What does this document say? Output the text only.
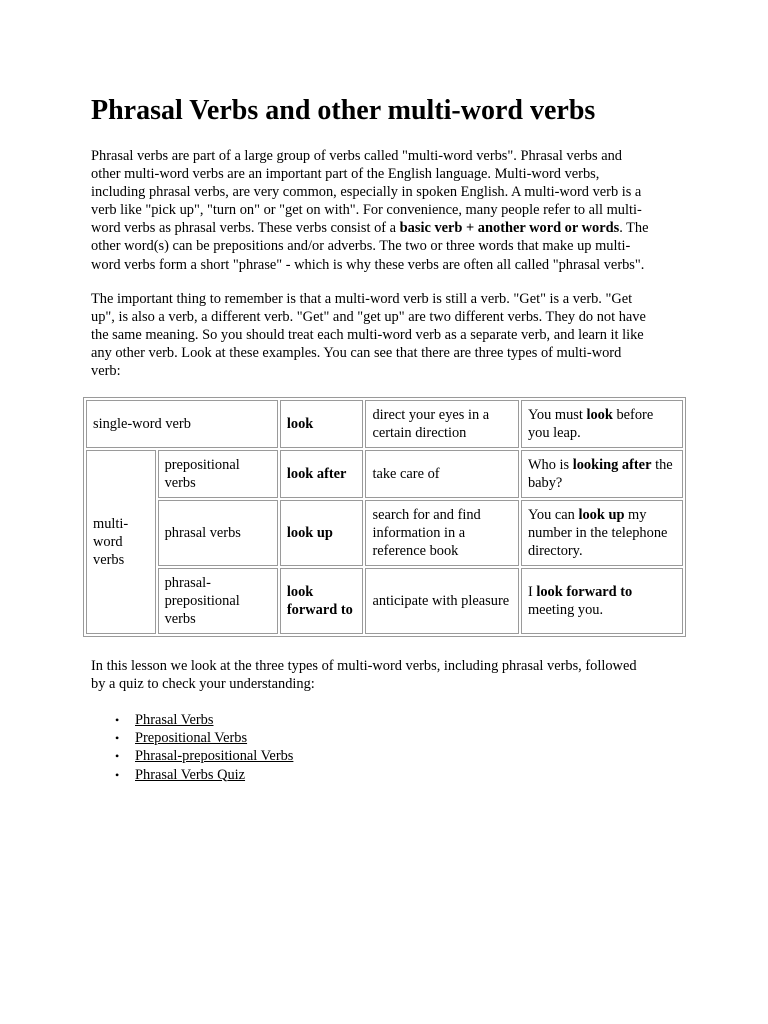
Phrasal Verbs and other multi-word verbs

Phrasal verbs are part of a large group of verbs called "multi-word verbs". Phrasal verbs and
other multi-word verbs are an important part of the English language. Multi-word verbs,
including phrasal verbs, are very common, especially in spoken English. A multi-word verb is a
verb like "pick up", "turn on" or "get on with". For convenience, many people refer to all multi-
word verbs as phrasal verbs. These verbs consist of a basic verb + another word or words. The
other word(s) can be prepositions and/or adverbs. The two or three words that make up multi-
word verbs form a short "phrase" - which is why these verbs are often all called "phrasal verbs".

The important thing to remember is that a multi-word verb is still a verb. "Get" is a verb. "Get
up", is also a verb, a different verb. "Get" and "get up" are two different verbs. They do not have
the same meaning. So you should treat each multi-word verb as a separate verb, and learn it like
any other verb. Look at these examples. You can see that there are three types of multi-word
verb:

single-word verb		look	direct your eyes in a certain direction	You must look before you leap.
multi-word verbs	prepositional verbs	look after	take care of	Who is looking after the baby?
	phrasal verbs	look up	search for and find information in a reference book	You can look up my number in the telephone directory.
	phrasal-prepositional verbs	look forward to	anticipate with pleasure	I look forward to meeting you.

In this lesson we look at the three types of multi-word verbs, including phrasal verbs, followed
by a quiz to check your understanding:

• Phrasal Verbs
• Prepositional Verbs
• Phrasal-prepositional Verbs
• Phrasal Verbs Quiz
